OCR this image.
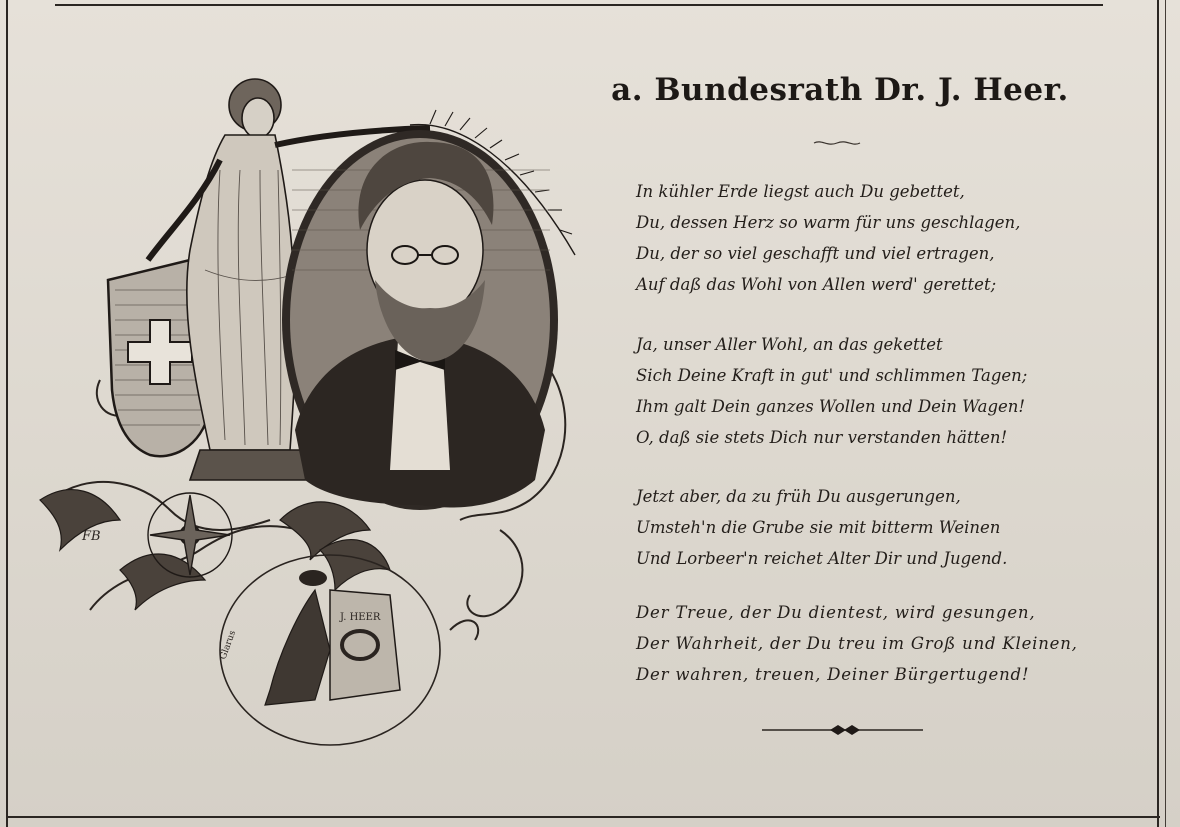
J. HEER
Glarus
FB
a. Bundesrath Dr. J. Heer.
In kühler Erde liegst auch Du gebettet,
Du, dessen Herz so warm für uns geschlagen,
Du, der so viel geschafft und viel ertragen,
Auf daß das Wohl von Allen werd' gerettet;
Ja, unser Aller Wohl, an das gekettet
Sich Deine Kraft in gut' und schlimmen Tagen;
Ihm galt Dein ganzes Wollen und Dein Wagen!
O, daß sie stets Dich nur verstanden hätten!
Jetzt aber, da zu früh Du ausgerungen,
Umsteh'n die Grube sie mit bitterm Weinen
Und Lorbeer'n reichet Alter Dir und Jugend.
Der Treue, der Du dientest, wird gesungen,
Der Wahrheit, der Du treu im Groß und Kleinen,
Der wahren, treuen, Deiner Bürgertugend!
